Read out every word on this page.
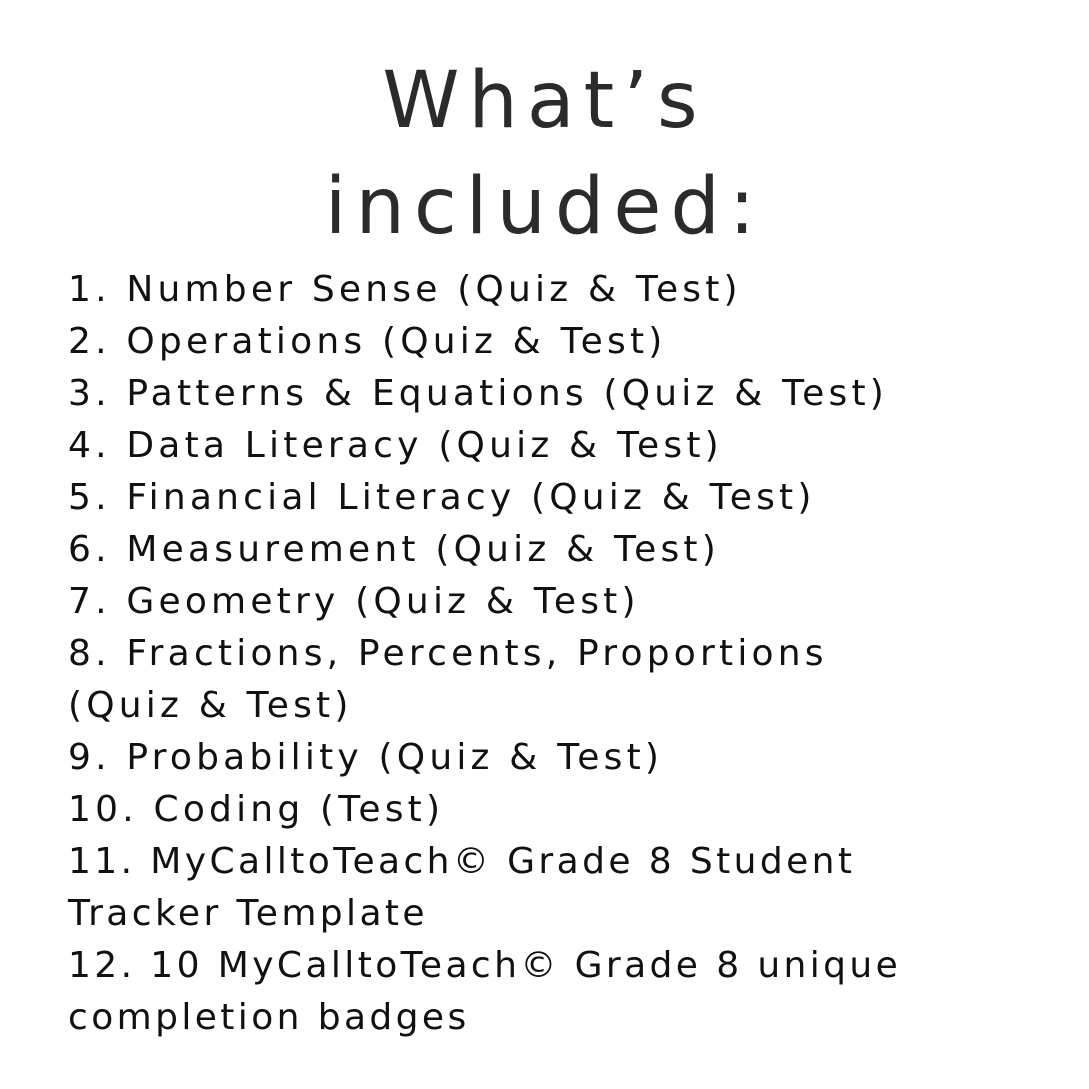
What’s
included:
1. Number Sense (Quiz & Test)
2. Operations (Quiz & Test)
3. Patterns & Equations (Quiz & Test)
4. Data Literacy (Quiz & Test)
5. Financial Literacy (Quiz & Test)
6. Measurement (Quiz & Test)
7. Geometry (Quiz & Test)
8. Fractions, Percents, Proportions (Quiz & Test)
9. Probability (Quiz & Test)
10. Coding (Test)
11. MyCalltoTeach© Grade 8 Student Tracker Template
12. 10 MyCalltoTeach© Grade 8 unique completion badges
